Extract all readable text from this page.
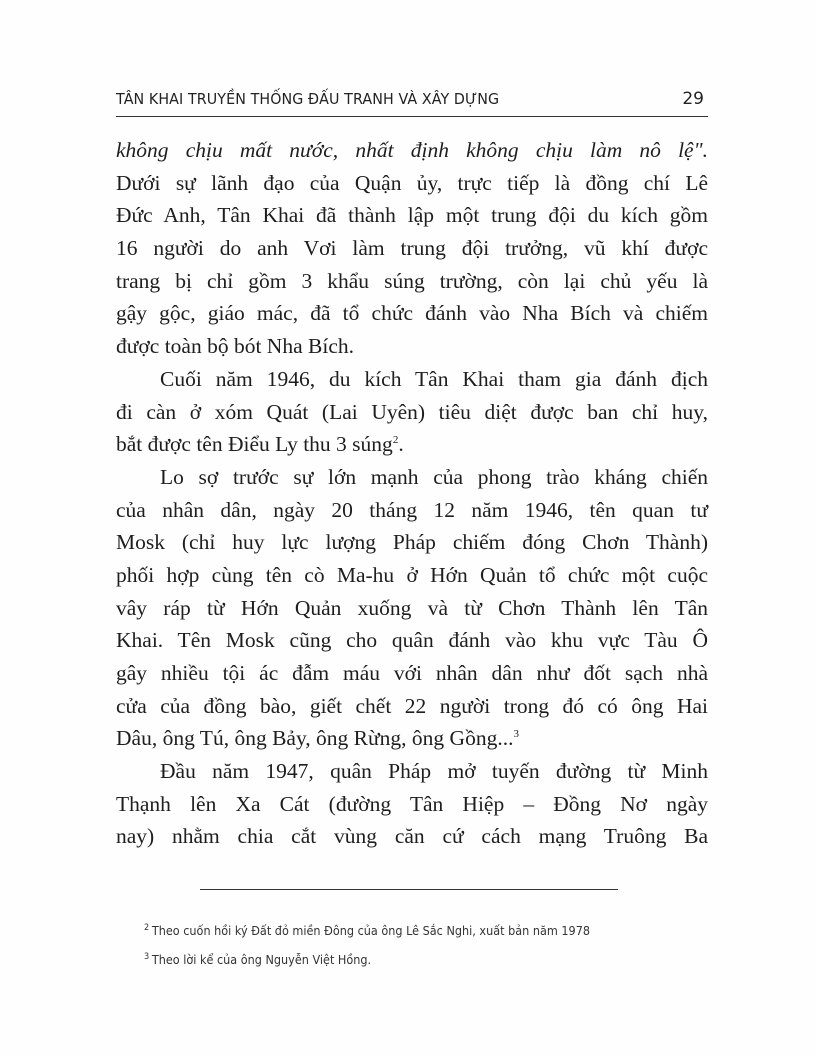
TÂN KHAI TRUYỀN THỐNG ĐẤU TRANH VÀ XÂY DỰNG	29
không chịu mất nước, nhất định không chịu làm nô lệ".
Dưới sự lãnh đạo của Quận ủy, trực tiếp là đồng chí Lê
Đức Anh, Tân Khai đã thành lập một trung đội du kích gồm
16 người do anh Vơi làm trung đội trưởng, vũ khí được
trang bị chỉ gồm 3 khẩu súng trường, còn lại chủ yếu là
gậy gộc, giáo mác, đã tổ chức đánh vào Nha Bích và chiếm
được toàn bộ bót Nha Bích.
Cuối năm 1946, du kích Tân Khai tham gia đánh địch
đi càn ở xóm Quát (Lai Uyên) tiêu diệt được ban chỉ huy,
bắt được tên Điểu Ly thu 3 súng$^2$.
Lo sợ trước sự lớn mạnh của phong trào kháng chiến
của nhân dân, ngày 20 tháng 12 năm 1946, tên quan tư
Mosk (chỉ huy lực lượng Pháp chiếm đóng Chơn Thành)
phối hợp cùng tên cò Ma-hu ở Hớn Quản tổ chức một cuộc
vây ráp từ Hớn Quản xuống và từ Chơn Thành lên Tân
Khai. Tên Mosk cũng cho quân đánh vào khu vực Tàu Ô
gây nhiều tội ác đẫm máu với nhân dân như đốt sạch nhà
cửa của đồng bào, giết chết 22 người trong đó có ông Hai
Dâu, ông Tú, ông Bảy, ông Rừng, ông Gồng...$^3$
Đầu năm 1947, quân Pháp mở tuyến đường từ Minh
Thạnh lên Xa Cát (đường Tân Hiệp – Đồng Nơ ngày
nay) nhằm chia cắt vùng căn cứ cách mạng Truông Ba
$^2$ Theo cuốn hồi ký Đất đỏ miền Đông của ông Lê Sắc Nghi, xuất bản năm 1978
$^3$ Theo lời kể của ông Nguyễn Việt Hồng.
